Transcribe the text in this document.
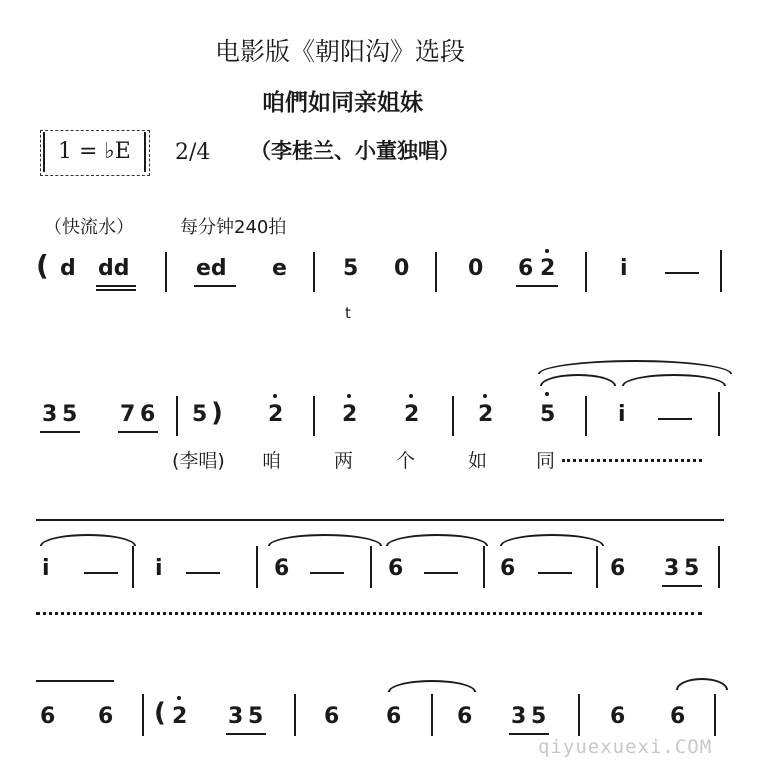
电影版《朝阳沟》选段
咱們如同亲姐妹
1 = ♭E 2/4 （李桂兰、小董独唱）
（快流水）	每分钟240拍
( d dd	ed e	5 0	0 6 2	i
t
3 5 7 6 5 ) 2	2 2	2 5	i
(李唱) 咱	两 个	如	同
i	i	6	6	6	6 3 5
6 6 ( 2 3 5	6 6	6 3 5	6 6
qiyuexuexi.COM
